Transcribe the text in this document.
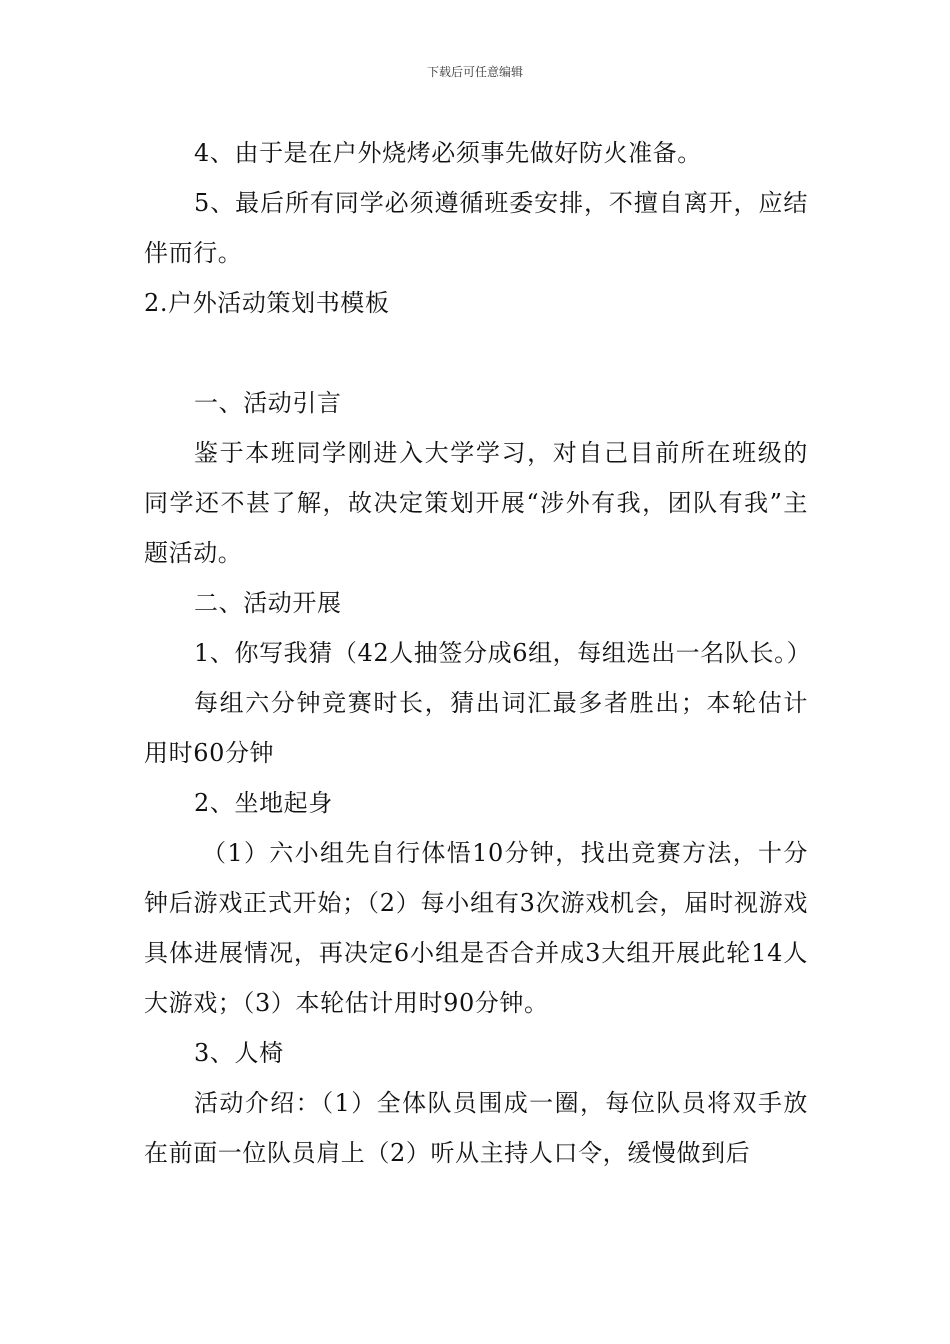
下载后可任意编辑

4、由于是在户外烧烤必须事先做好防火准备。

5、最后所有同学必须遵循班委安排，不擅自离开，应结伴而行。

2.户外活动策划书模板

一、活动引言

鉴于本班同学刚进入大学学习，对自己目前所在班级的同学还不甚了解，故决定策划开展“涉外有我，团队有我”主题活动。

二、活动开展

1、你写我猜（42人抽签分成6组，每组选出一名队长。）

每组六分钟竞赛时长，猜出词汇最多者胜出；本轮估计用时60分钟

2、坐地起身

（1）六小组先自行体悟10分钟，找出竞赛方法，十分钟后游戏正式开始；（2）每小组有3次游戏机会，届时视游戏具体进展情况，再决定6小组是否合并成3大组开展此轮14人大游戏；（3）本轮估计用时90分钟。

3、人椅

活动介绍：（1）全体队员围成一圈，每位队员将双手放在前面一位队员肩上（2）听从主持人口令，缓慢做到后
